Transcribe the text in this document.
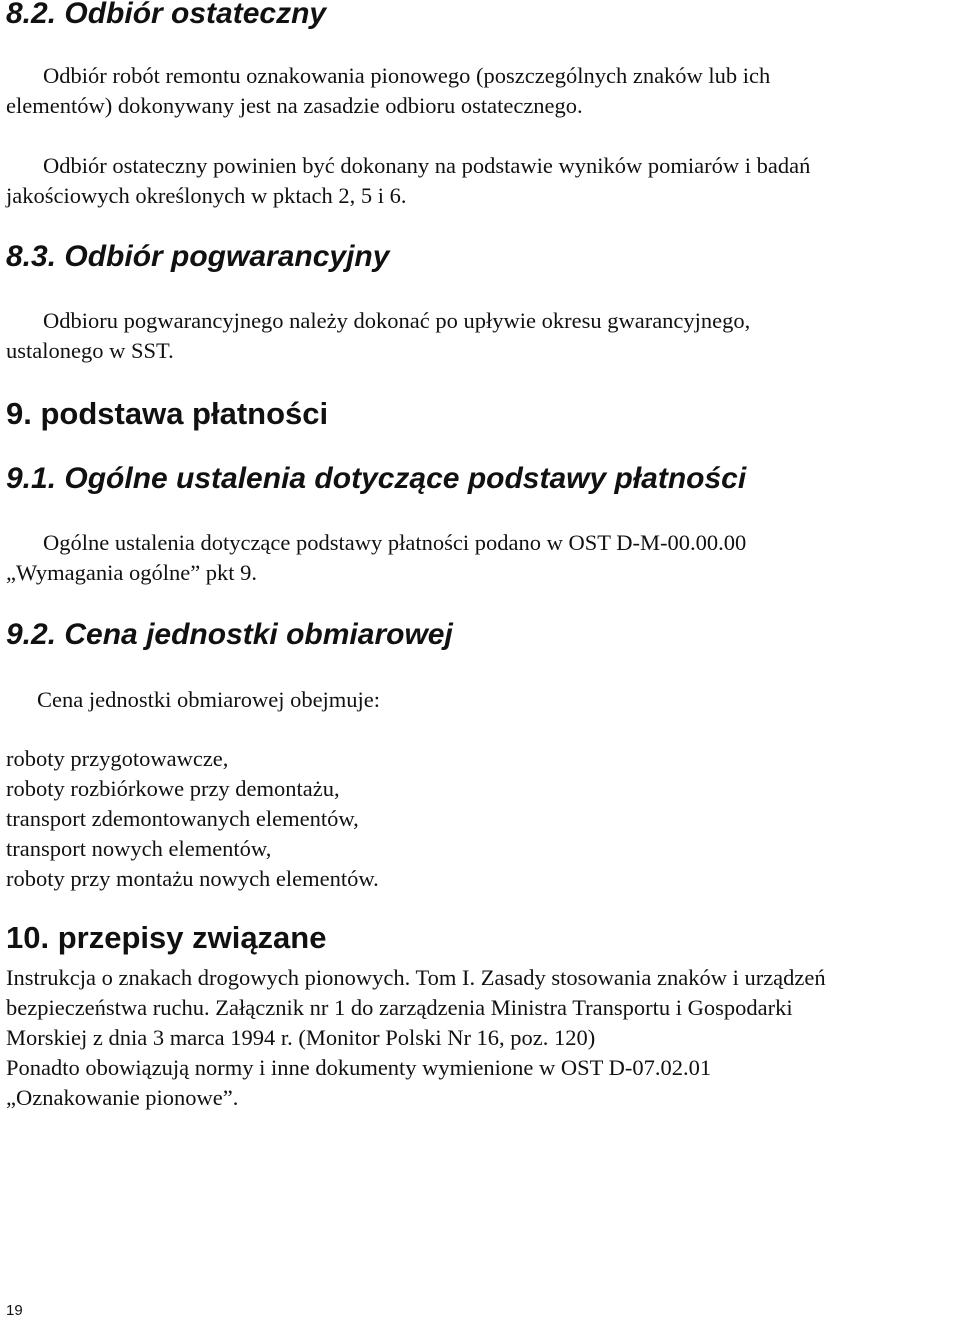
8.2. Odbiór ostateczny

Odbiór robót remontu oznakowania pionowego (poszczególnych znaków lub ich
elementów) dokonywany jest na zasadzie odbioru ostatecznego.

Odbiór ostateczny powinien być dokonany na podstawie wyników pomiarów i badań
jakościowych określonych w pktach 2, 5 i 6.

8.3. Odbiór pogwarancyjny

Odbioru pogwarancyjnego należy dokonać po upływie okresu gwarancyjnego,
ustalonego w SST.

9. podstawa płatności
9.1. Ogólne ustalenia dotyczące podstawy płatności

Ogólne ustalenia dotyczące podstawy płatności podano w OST D-M-00.00.00
„Wymagania ogólne” pkt 9.

9.2. Cena jednostki obmiarowej

Cena jednostki obmiarowej obejmuje:

roboty przygotowawcze,
roboty rozbiórkowe przy demontażu,
transport zdemontowanych elementów,
transport nowych elementów,
roboty przy montażu nowych elementów.
10. przepisy związane

Instrukcja o znakach drogowych pionowych. Tom I. Zasady stosowania znaków i urządzeń
bezpieczeństwa ruchu. Załącznik nr 1 do zarządzenia Ministra Transportu i Gospodarki
Morskiej z dnia 3 marca 1994 r. (Monitor Polski Nr 16, poz. 120)
Ponadto obowiązują normy i inne dokumenty wymienione w OST D-07.02.01
„Oznakowanie pionowe”.

19
